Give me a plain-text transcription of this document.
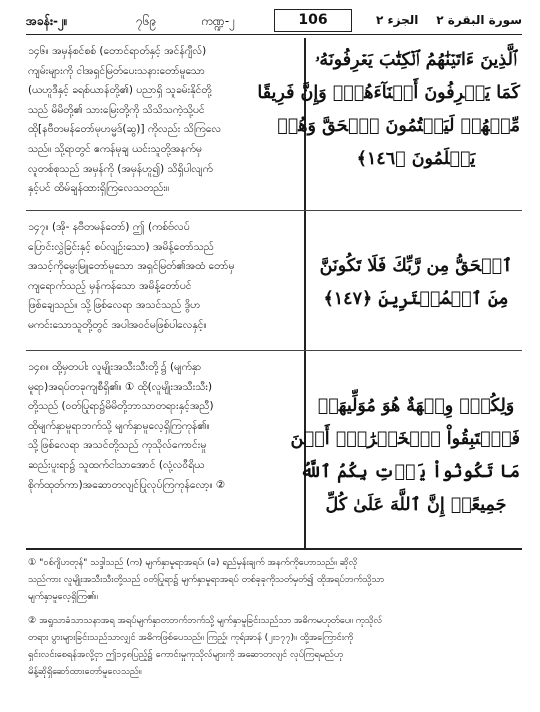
အခန်း-၂။	၇၆၉	ကဏ္ဍ-၂	106	الجزء ٢ سورة البقرة ٢
၁၄၆။ အမှန်စင်စစ် (တောင်ရာတ်နှင့် အင်န်ဂျီလ်)
ကျမ်းများကို ငါအရှင်မြတ်ပေးသနားတော်မူသော
(ယဟူဒီနှင့် ခရစ်ယာန်တို့၏) ပညာရှိ သူခမ်းနိုင်တို့
သည် မိမိတို့၏ သားမြေးတို့ကို သိသိသကဲ့သို့ပင်
ထို[နဗီတမန်တော်မုဟမ္မဒ်(ဆွ)] ကိုလည်း သိကြလေ
သည်။ သို့ရာတွင် ဧကန်မုချ ယင်းသူတို့အနက်မှ
လူတစ်စုသည် အမှန်ကို (အမှန်ဟူ၍) သိရှိပါလျက်
နှင့်ပင် ထိမ်ချန်ထားရှိကြလေသတည်း။
ٱلَّذِينَ ءَاتَيۡنَٰهُمُ ٱلۡكِتَٰبَ يَعۡرِفُونَهُۥ
كَمَا يَعۡرِفُونَ أَبۡنَآءَهُمۡۖ وَإِنَّ فَرِيقًا
مِّنۡهُمۡ لَيَكۡتُمُونَ ٱلۡحَقَّ وَهُمۡ
يَعۡلَمُونَ ﴿١٤٦﴾
၁၄၇။ (အို- နဗီတမန်တော်) ဤ (ကစ်ဗ်လပ်
ပြောင်းလွှဲခြင်းနှင့် စပ်လျဉ်းသော) အမိန့်တော်သည်
အသင့်ကိုမွေးမြူတော်မူသော အရှင်မြတ်၏အထံ တော်မှ
ကျရောက်သည့် မှန်ကန်သော အမိန့်တော်ပင်
ဖြစ်ချေသည်။ သို့ဖြစ်လေရာ အသင်သည် ဒွိဟ
မကင်းသောသူတို့တွင် အပါအဝင်မဖြစ်ပါလေနှင့်။
ٱلۡحَقُّ مِن رَّبِّكَ فَلَا تَكُونَنَّ
مِنَ ٱلۡمُمۡتَرِينَ ﴿١٤٧﴾
၁၄၈။ ထို့မှတပါး လူမျိုးအသီးသီးတို့၌ (မျက်နှာ
မူရာ)အရပ်တခုကျစီရှိ၏။ ① ထို(လူမျိုးအသီးသီး)
တို့သည် (ဝတ်ပြုရာ၌မိမိတို့ဘာသာတရားနှင့်အညီ)
ထိုမျက်နှာမူရာဘက်သို့ မျက်နှာမူလေ့ရှိကြကုန်၏။
သို့ဖြစ်လေရာ အသင်တို့သည် ကုသိုလ်ကောင်းမှု
ဆည်းပူးရာ၌ သူထက်ငါသာအောင် (လုံ့လဝီရိယ
စိုက်ထုတ်ကာ)အဆောတလျင်ပြုလုပ်ကြကုန်လော့။ ②
وَلِكُلّٖ وِجۡهَةٌ هُوَ مُوَلِّيهَاۖ
فَٱسۡتَبِقُواْ ٱلۡخَيۡرَٰتِۚ أَيۡنَ
مَا تَكُونُواْ يَأۡتِ بِكُمُ ٱللَّهُ
جَمِيعًاۚ إِنَّ ٱللَّهَ عَلَىٰ كُلِّ
① "ဝစ်ဂျိဟတုန်" သဒ္ဒါသည် (က) မျက်နှာမူရာအရပ်၊ (ခ) ရည်မှန်းချက် အနက်ကိုဟောသည်။ ဆိုလို
သည်ကား လူမျိုးအသီးသီးတို့သည် ဝတ်ပြုရာ၌ မျက်နှာမူရာအရပ် တစ်ခုခုကိုသတ်မှတ်၍ ထိုအရပ်ဘက်သို့သာ
မျက်နှာမူလေ့ရှိကြ၏။
② အရှုသာခံသာသနာအရ အရပ်မျက်နှာတဘက်ဘက်သို့ မျက်နှာမူခြင်းသည်သာ အဓိကမဟုတ်ပေ။ ကုသိုလ်
တရား ပွားများခြင်းသည်သာလျှင် အဓိကဖြစ်ပေသည်။ ကြည့်၊ ကုရ်အာန် (၂း၁၇၇)။ ထို့အကြောင်းကို
ရှင်းလင်းစေရန်အလို့ငှာ ဤ၁၄၈ပြည့်၌ ကောင်းမှုကုသိုလ်များကို အဆောတလျင် လုပ်ကြရမည်ဟု
မိန့်ဆိုရှိဆော်ထားတော်မူလေသည်။
